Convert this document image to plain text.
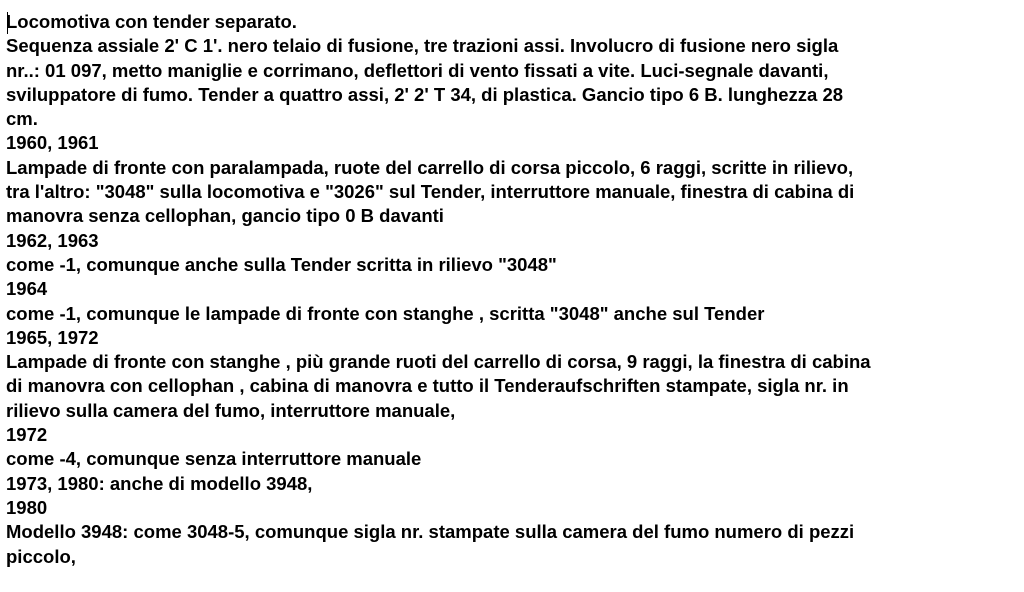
Locomotiva con tender separato.
Sequenza assiale 2' C 1'. nero telaio di fusione, tre trazioni assi. Involucro di fusione nero sigla
nr..: 01 097, metto maniglie e corrimano, deflettori di vento fissati a vite. Luci-segnale davanti,
sviluppatore di fumo. Tender a quattro assi, 2' 2' T 34, di plastica. Gancio tipo 6 B. lunghezza 28
cm.
1960, 1961
Lampade di fronte con paralampada, ruote del carrello di corsa piccolo, 6 raggi, scritte in rilievo,
tra l'altro: "3048" sulla locomotiva e "3026" sul Tender, interruttore manuale, finestra di cabina di
manovra senza cellophan, gancio tipo 0 B davanti
1962, 1963
come -1, comunque anche sulla Tender scritta in rilievo "3048"
1964
come -1, comunque le lampade di fronte con stanghe , scritta "3048" anche sul Tender
1965, 1972
Lampade di fronte con stanghe , più grande ruoti del carrello di corsa, 9 raggi, la finestra di cabina
di manovra con cellophan , cabina di manovra e tutto il Tenderaufschriften stampate, sigla nr. in
rilievo sulla camera del fumo, interruttore manuale,
1972
come -4, comunque senza interruttore manuale
1973, 1980: anche di modello 3948,
1980
Modello 3948: come 3048-5, comunque sigla nr. stampate sulla camera del fumo numero di pezzi
piccolo,
